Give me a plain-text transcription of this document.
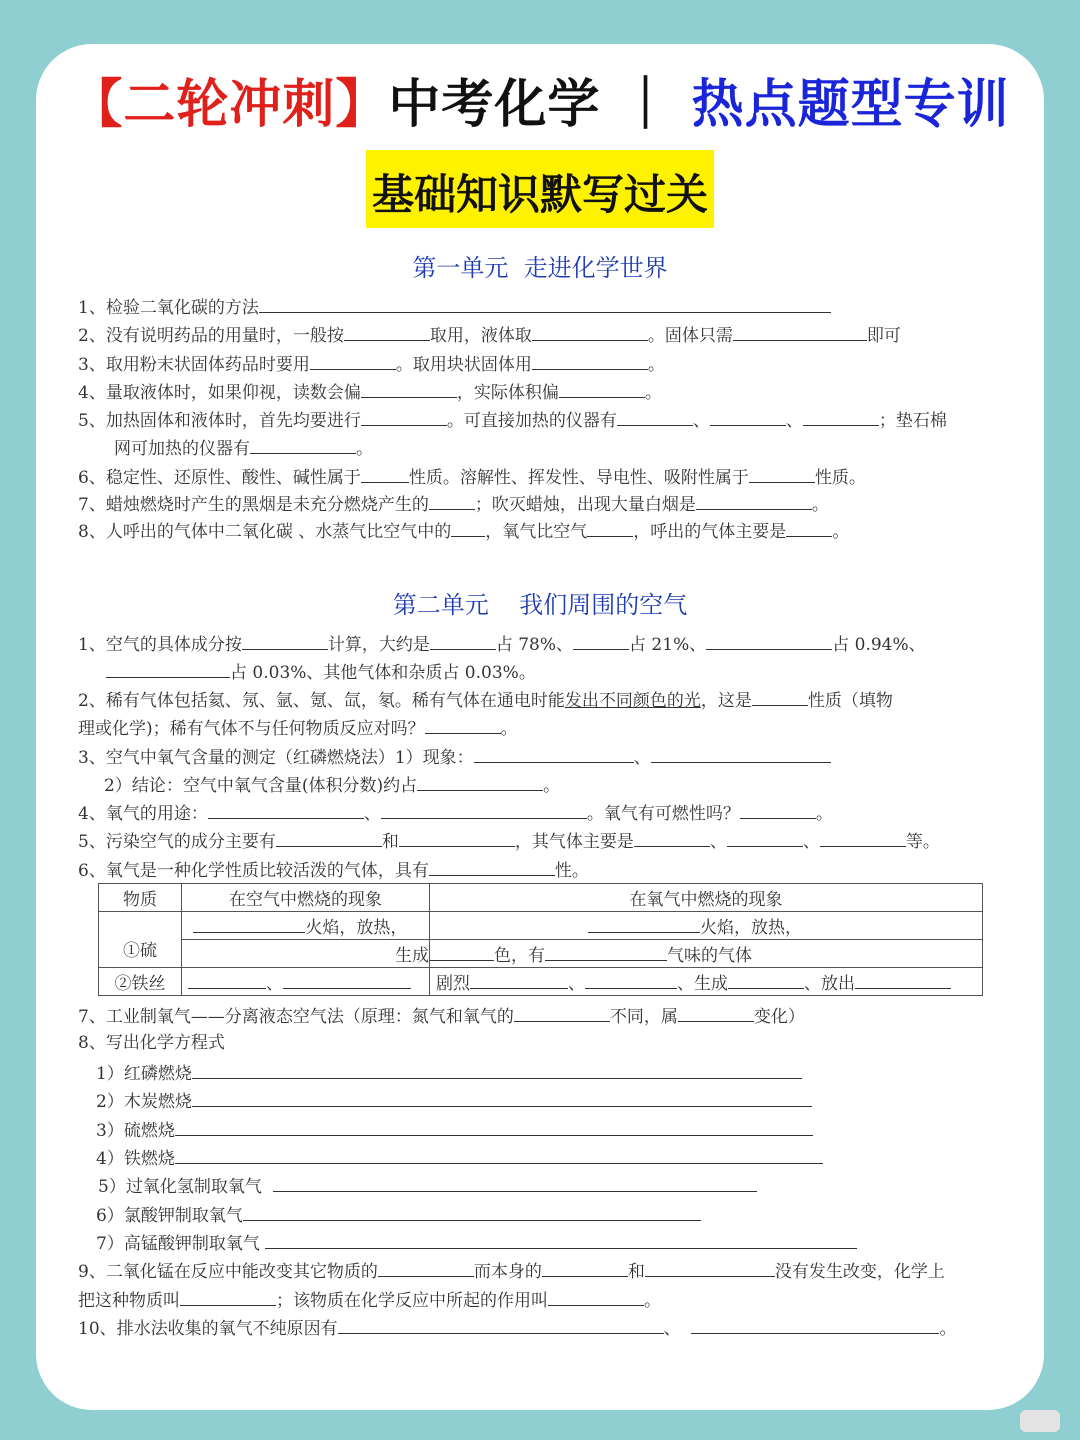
【二轮冲刺】中考化学 ｜ 热点题型专训
基础知识默写过关
第一单元  走进化学世界
1、检验二氧化碳的方法
2、没有说明药品的用量时，一般按	取用，液体取	。固体只需	即可
3、取用粉末状固体药品时要用	。取用块状固体用	。
4、量取液体时，如果仰视，读数会偏	，实际体积偏	。
5、加热固体和液体时，首先均要进行	。可直接加热的仪器有	、	、	；垫石棉
网可加热的仪器有	。
6、稳定性、还原性、酸性、碱性属于	性质。溶解性、挥发性、导电性、吸附性属于	性质。
7、蜡烛燃烧时产生的黑烟是未充分燃烧产生的	；吹灭蜡烛，出现大量白烟是	。
8、人呼出的气体中二氧化碳 、水蒸气比空气中的 ，氧气比空气	，呼出的气体主要是	。
第二单元    我们周围的空气
1、空气的具体成分按	计算，大约是	占 78%、	占 21%、	占 0.94%、
占 0.03%、其他气体和杂质占 0.03%。
2、稀有气体包括氦、氖、氩、氪、氙，氡。稀有气体在通电时能发出不同颜色的光，这是	性质（填物
理或化学)；稀有气体不与任何物质反应对吗？	。
3、空气中氧气含量的测定（红磷燃烧法）1）现象：	、
2）结论：空气中氧气含量(体积分数)约占	。
4、氧气的用途：	、	。氧气有可燃性吗？	。
5、污染空气的成分主要有	和	，其气体主要是	、	、	等。
6、氧气是一种化学性质比较活泼的气体，具有	性。
物质	在空气中燃烧的现象	在氧气中燃烧的现象

①硫	火焰，放热，	火焰，放热，
	生成	色，有 气味的气体
②铁丝	、	剧烈 、 、生成 、放出
7、工业制氧气——分离液态空气法（原理：氮气和氧气的	不同，属	变化）
8、写出化学方程式
1）红磷燃烧
2）木炭燃烧
3）硫燃烧
4）铁燃烧
5）过氧化氢制取氧气
6）氯酸钾制取氧气
7）高锰酸钾制取氧气
9、二氧化锰在反应中能改变其它物质的	而本身的	和	没有发生改变，化学上
把这种物质叫	；该物质在化学反应中所起的作用叫	。
10、排水法收集的氧气不纯原因有	、	。
